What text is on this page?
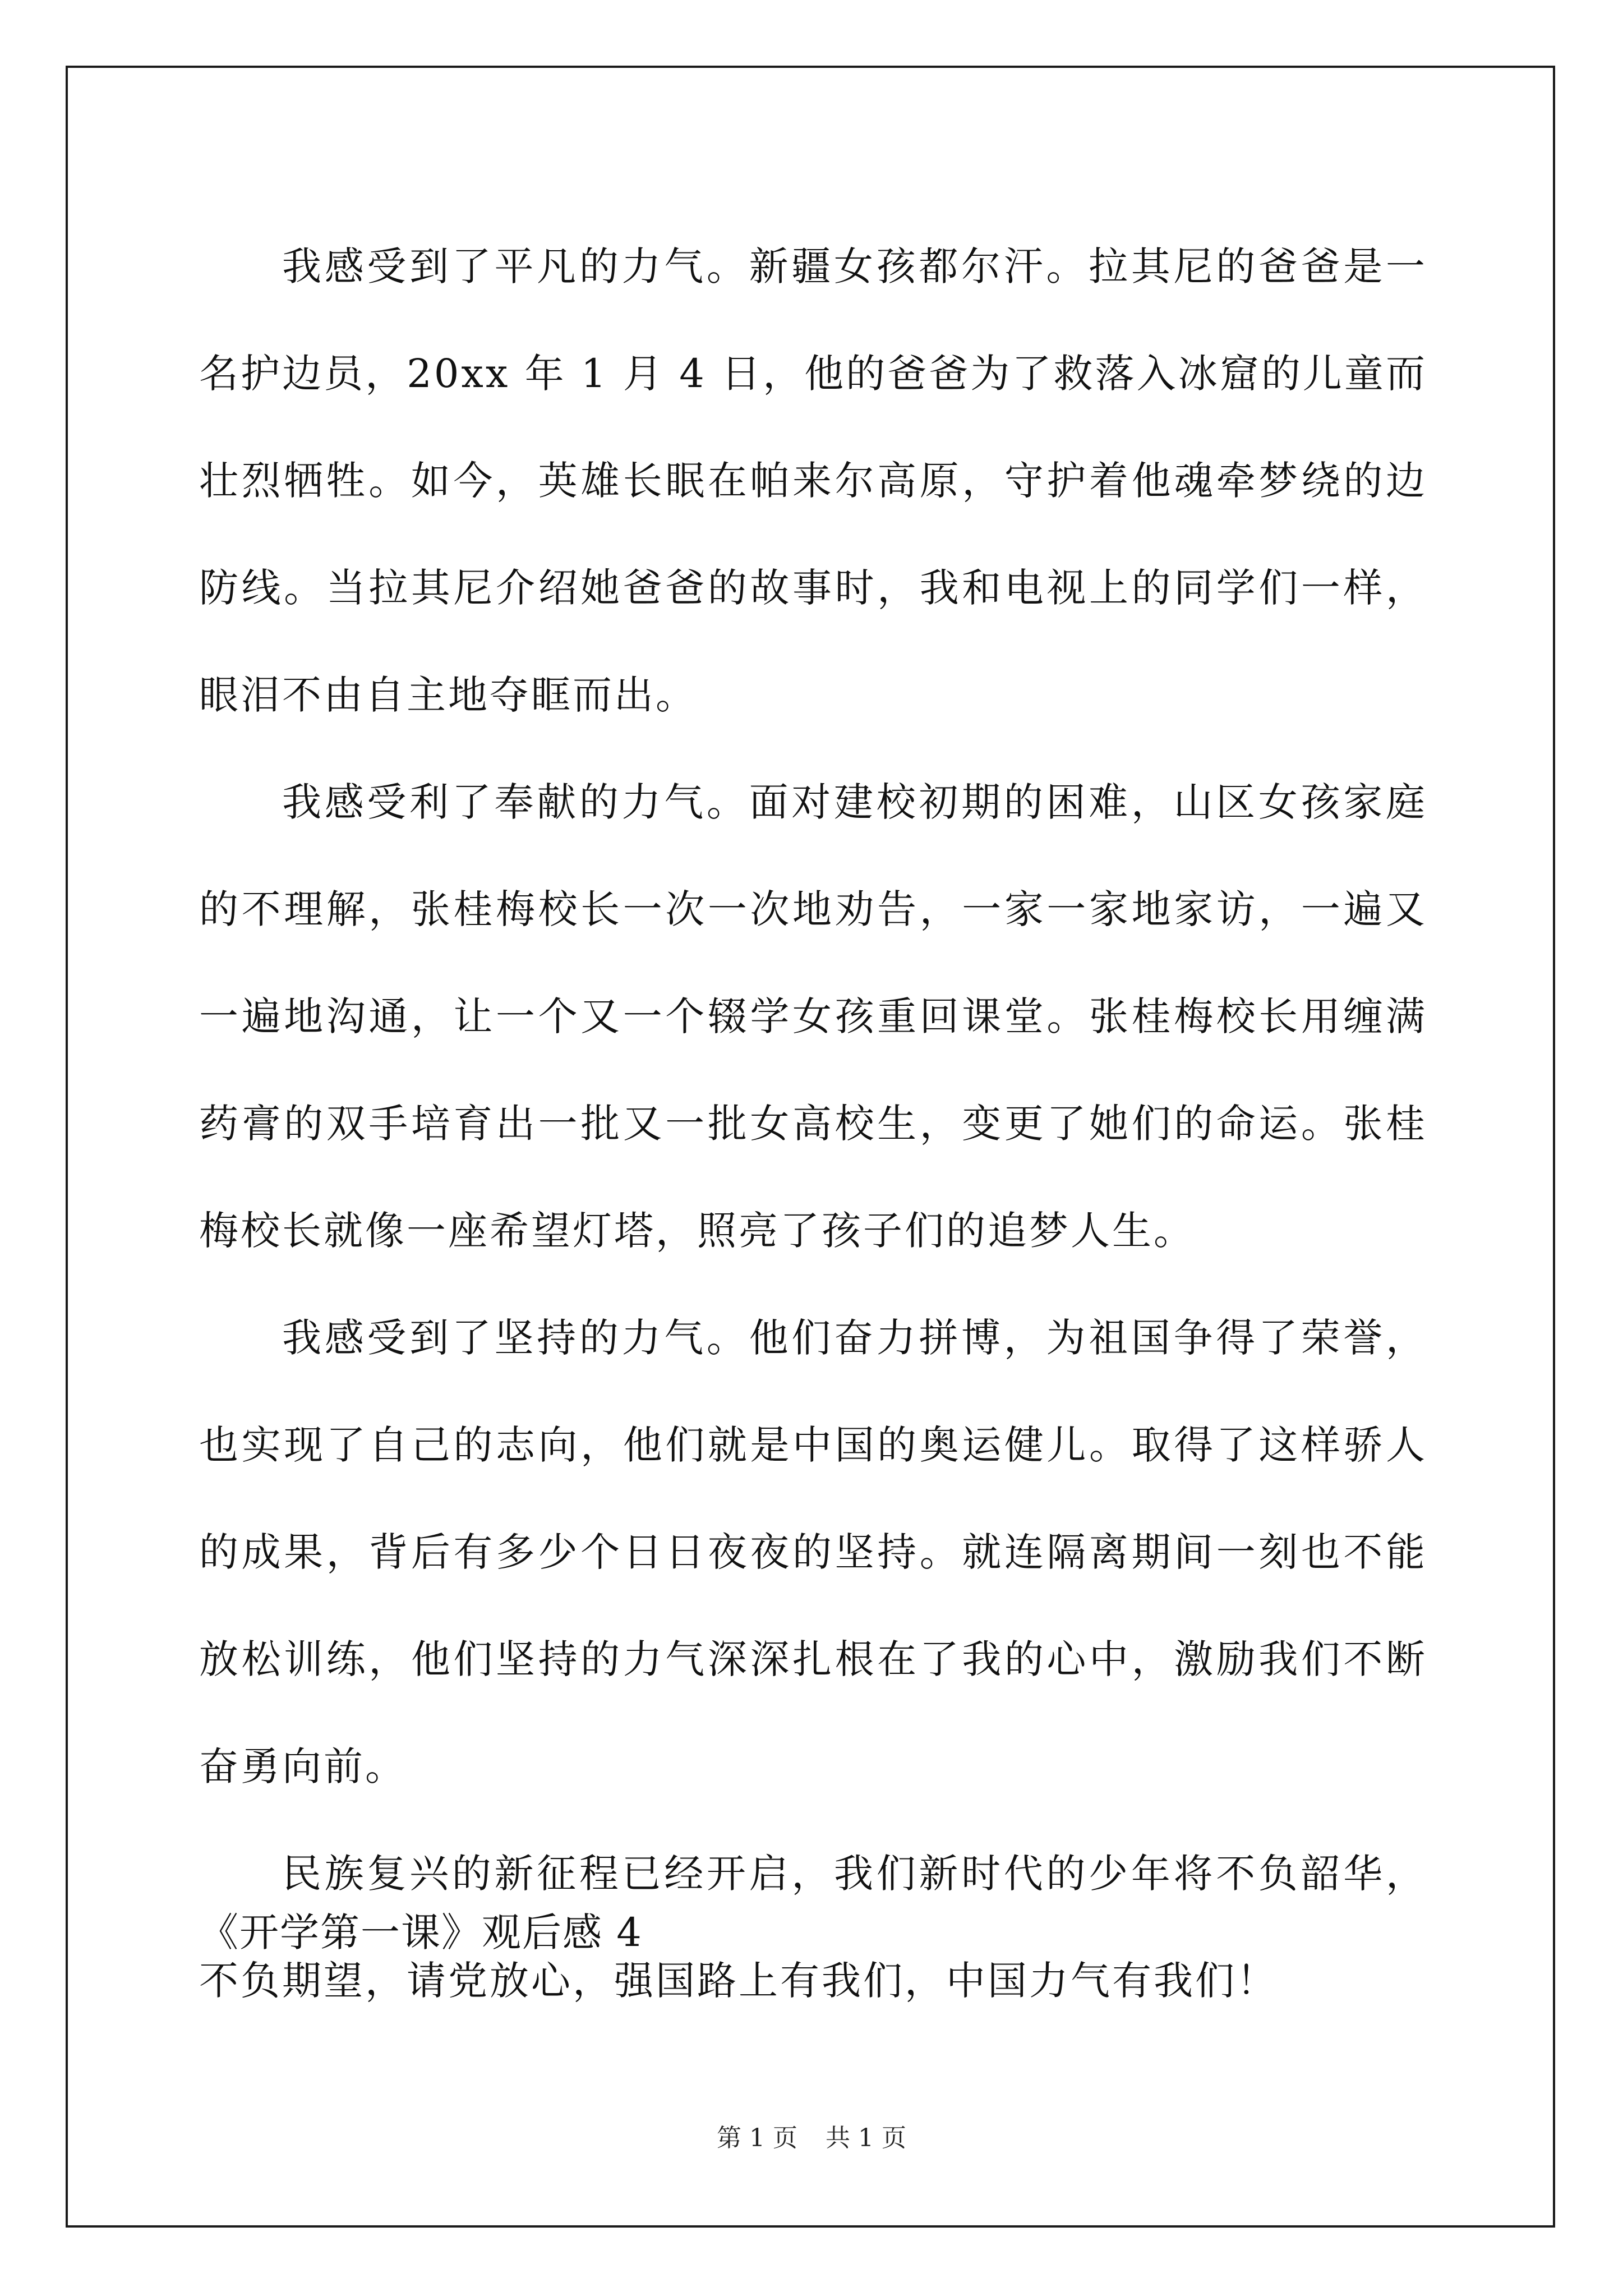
我感受到了平凡的力气。新疆女孩都尔汗。拉其尼的爸爸是一名护边员，20xx 年 1 月 4 日，他的爸爸为了救落入冰窟的儿童而壮烈牺牲。如今，英雄长眠在帕来尔高原，守护着他魂牵梦绕的边防线。当拉其尼介绍她爸爸的故事时，我和电视上的同学们一样，眼泪不由自主地夺眶而出。

我感受利了奉献的力气。面对建校初期的困难，山区女孩家庭的不理解，张桂梅校长一次一次地劝告，一家一家地家访，一遍又一遍地沟通，让一个又一个辍学女孩重回课堂。张桂梅校长用缠满药膏的双手培育出一批又一批女高校生，变更了她们的命运。张桂梅校长就像一座希望灯塔，照亮了孩子们的追梦人生。

我感受到了坚持的力气。他们奋力拼博，为祖国争得了荣誉，也实现了自己的志向，他们就是中国的奥运健儿。取得了这样骄人的成果，背后有多少个日日夜夜的坚持。就连隔离期间一刻也不能放松训练，他们坚持的力气深深扎根在了我的心中，激励我们不断奋勇向前。

民族复兴的新征程已经开启，我们新时代的少年将不负韶华，不负期望，请党放心，强国路上有我们，中国力气有我们！

《开学第一课》观后感 4
第 1 页 共 1 页
